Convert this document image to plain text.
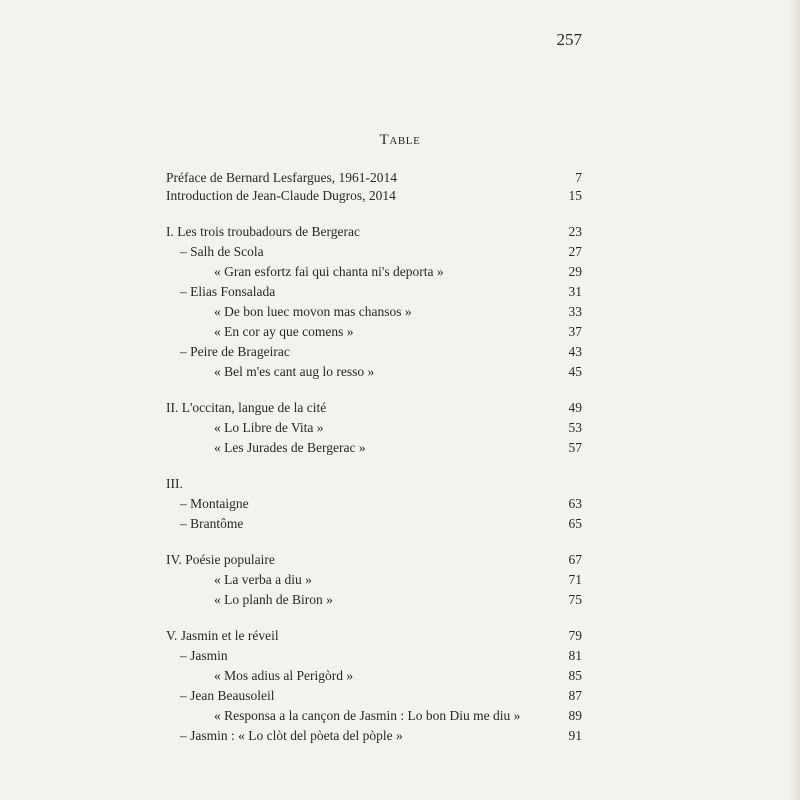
257
TABLE
Préface de Bernard Lesfargues, 1961-2014	7
Introduction de Jean-Claude Dugros, 2014	15
I. Les trois troubadours de Bergerac	23
– Salh de Scola	27
« Gran esfortz fai qui chanta ni's deporta »	29
– Elias Fonsalada	31
« De bon luec movon mas chansos »	33
« En cor ay que comens »	37
– Peire de Brageirac	43
« Bel m'es cant aug lo resso »	45
II. L'occitan, langue de la cité	49
« Lo Libre de Vita »	53
« Les Jurades de Bergerac »	57
III.
– Montaigne	63
– Brantôme	65
IV. Poésie populaire	67
« La verba a diu »	71
« Lo planh de Biron »	75
V. Jasmin et le réveil	79
– Jasmin	81
« Mos adius al Perigòrd »	85
– Jean Beausoleil	87
« Responsa a la cançon de Jasmin : Lo bon Diu me diu »	89
– Jasmin : « Lo clòt del pòeta del pòple »	91
